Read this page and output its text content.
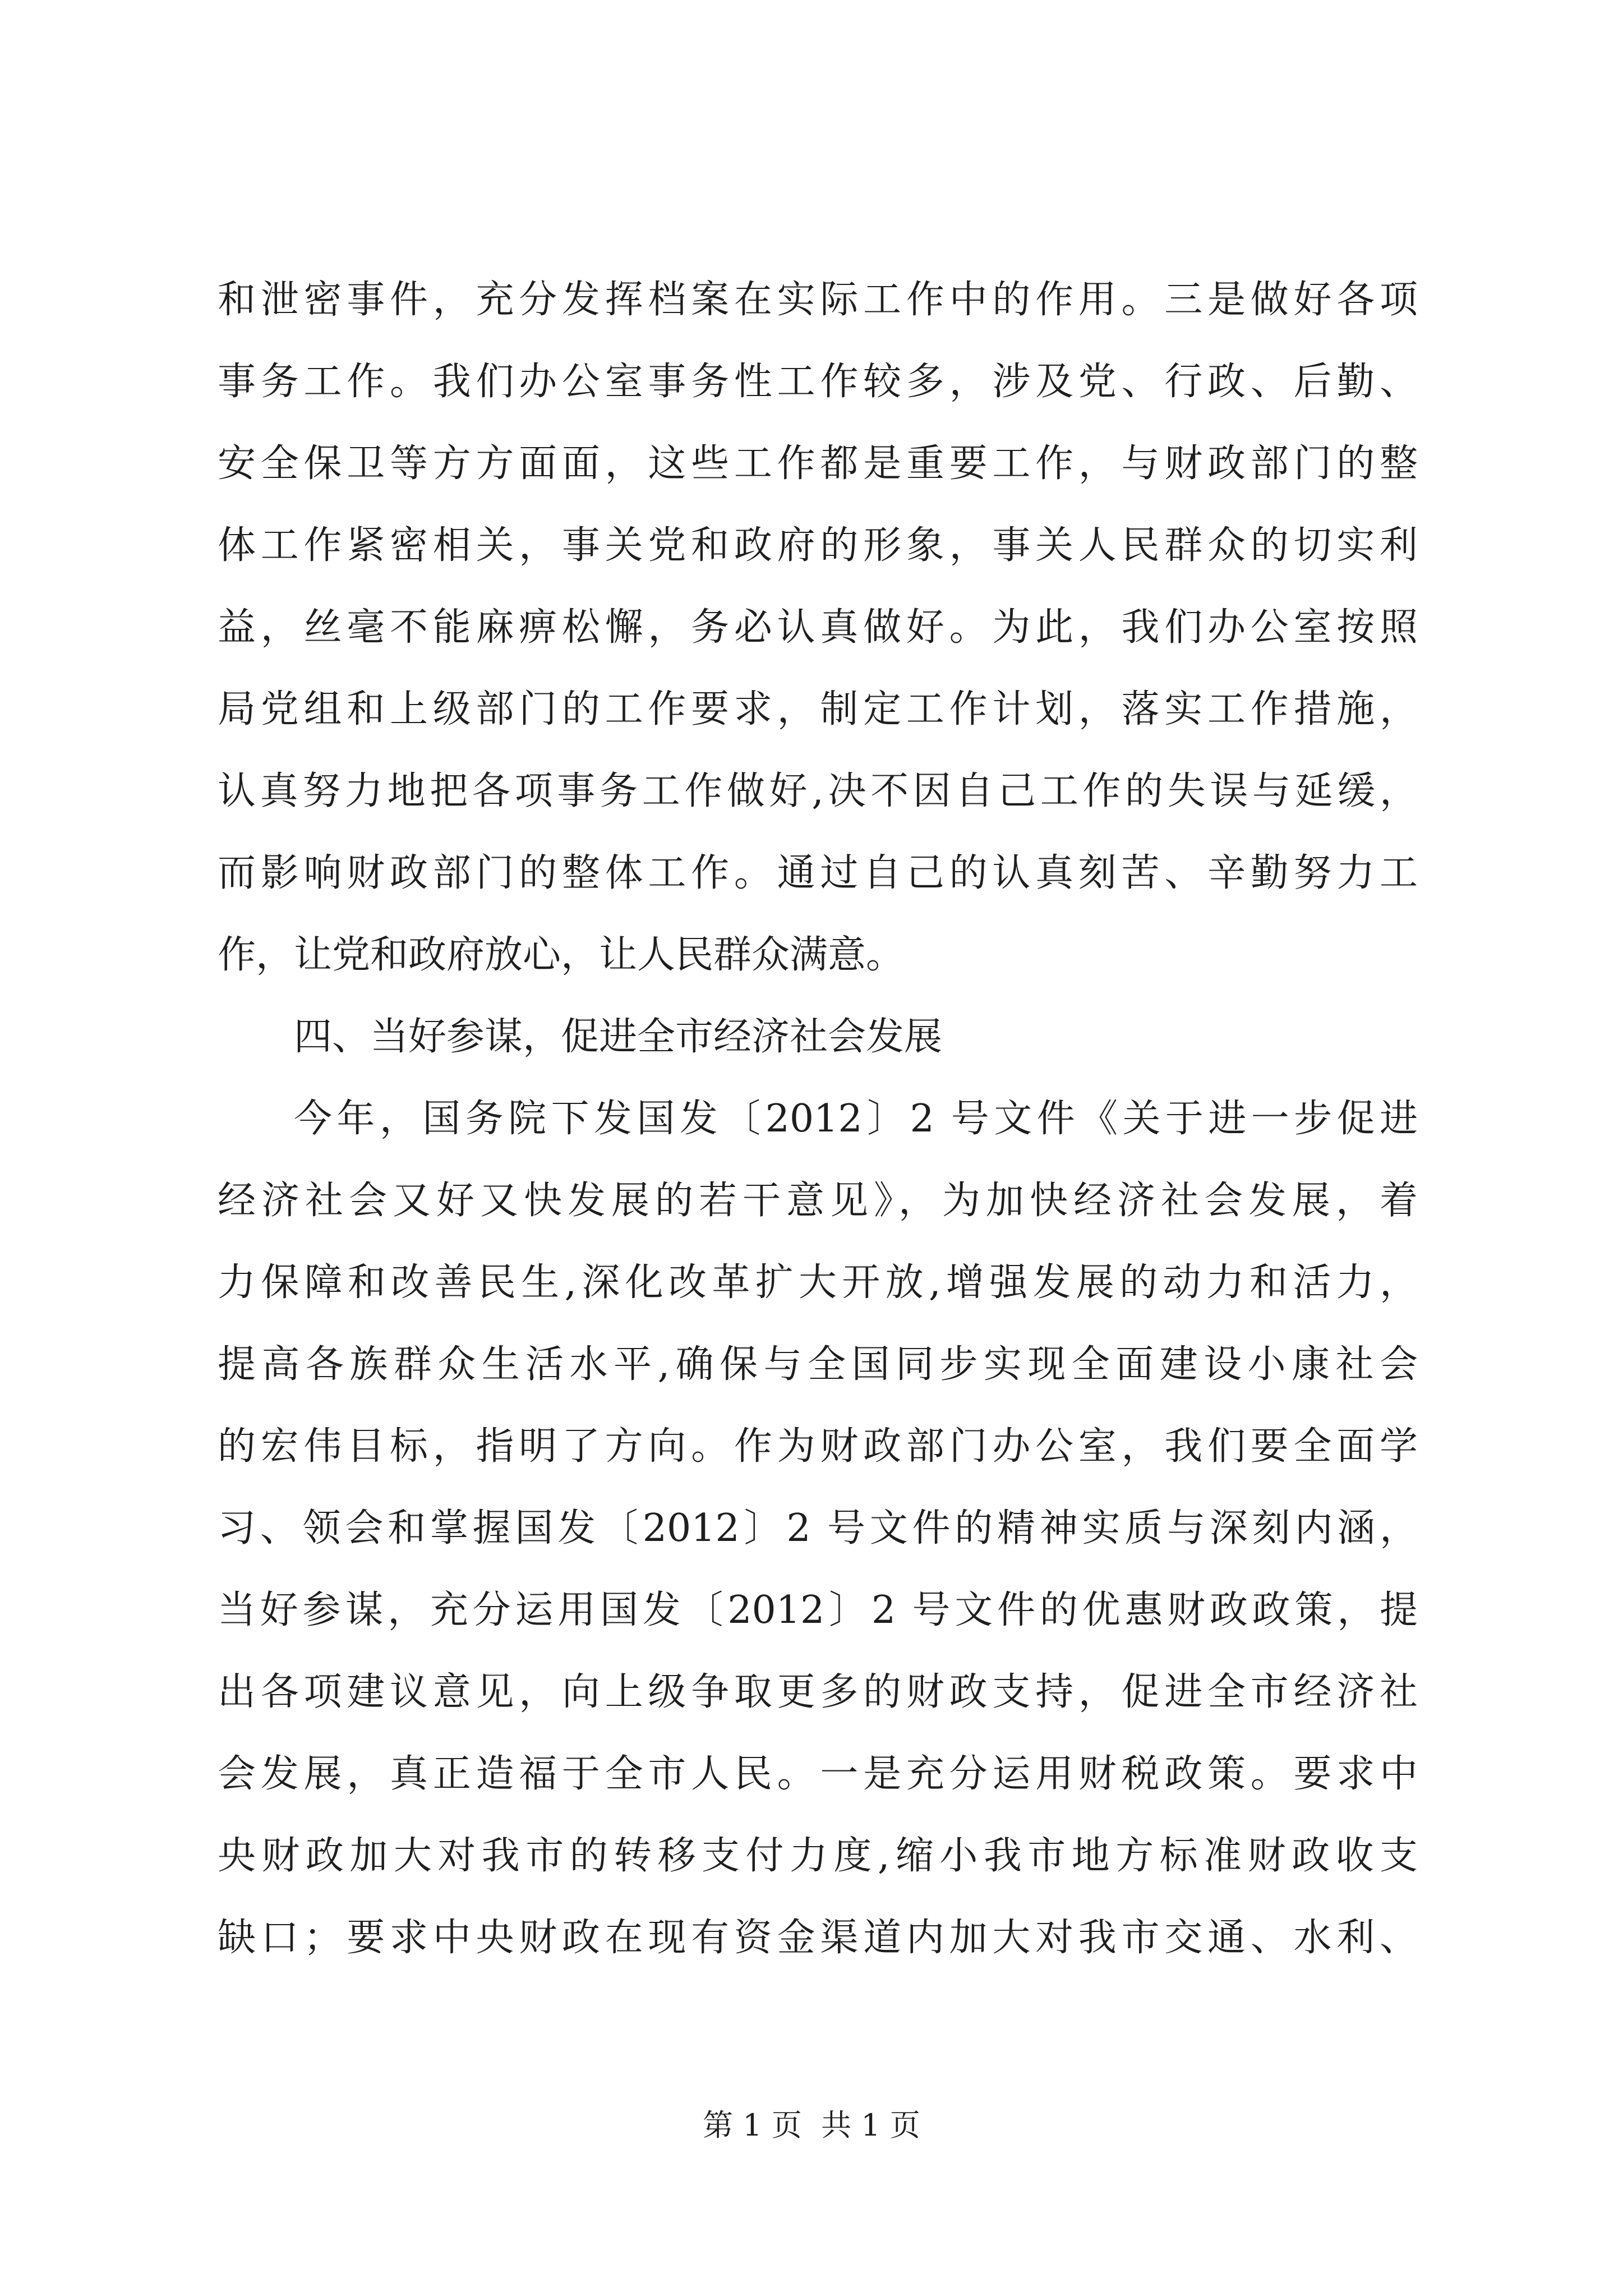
和泄密事件，充分发挥档案在实际工作中的作用。三是做好各项
事务工作。我们办公室事务性工作较多，涉及党、行政、后勤、
安全保卫等方方面面，这些工作都是重要工作，与财政部门的整
体工作紧密相关，事关党和政府的形象，事关人民群众的切实利
益，丝毫不能麻痹松懈，务必认真做好。为此，我们办公室按照
局党组和上级部门的工作要求，制定工作计划，落实工作措施，
认真努力地把各项事务工作做好,决不因自己工作的失误与延缓，
而影响财政部门的整体工作。通过自己的认真刻苦、辛勤努力工
作，让党和政府放心，让人民群众满意。
四、当好参谋，促进全市经济社会发展
今年，国务院下发国发〔2012〕2 号文件《关于进一步促进
经济社会又好又快发展的若干意见》，为加快经济社会发展，着
力保障和改善民生,深化改革扩大开放,增强发展的动力和活力，
提高各族群众生活水平,确保与全国同步实现全面建设小康社会
的宏伟目标，指明了方向。作为财政部门办公室，我们要全面学
习、领会和掌握国发〔2012〕2 号文件的精神实质与深刻内涵，
当好参谋，充分运用国发〔2012〕2 号文件的优惠财政政策，提
出各项建议意见，向上级争取更多的财政支持，促进全市经济社
会发展，真正造福于全市人民。一是充分运用财税政策。要求中
央财政加大对我市的转移支付力度,缩小我市地方标准财政收支
缺口；要求中央财政在现有资金渠道内加大对我市交通、水利、
第 1 页  共 1 页
